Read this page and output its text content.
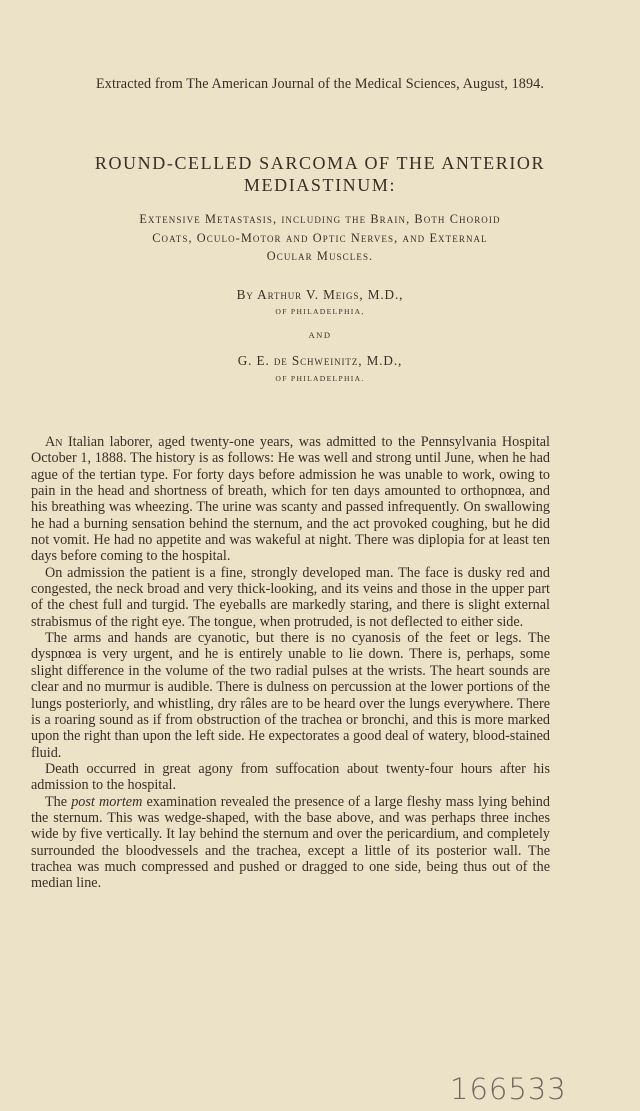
Extracted from The American Journal of the Medical Sciences, August, 1894.
ROUND-CELLED SARCOMA OF THE ANTERIOR
MEDIASTINUM:
Extensive Metastasis, including the Brain, Both Choroid
Coats, Oculo-Motor and Optic Nerves, and External
Ocular Muscles.
By Arthur V. Meigs, M.D.,
OF PHILADELPHIA,
AND
G. E. de Schweinitz, M.D.,
OF PHILADELPHIA.

An Italian laborer, aged twenty-one years, was admitted to the Pennsylvania Hospital October 1, 1888. The history is as follows: He was well and strong until June, when he had ague of the tertian type. For forty days before admission he was unable to work, owing to pain in the head and shortness of breath, which for ten days amounted to orthopnœa, and his breathing was wheezing. The urine was scanty and passed infrequently. On swallowing he had a burning sensation behind the sternum, and the act provoked coughing, but he did not vomit. He had no appetite and was wakeful at night. There was diplopia for at least ten days before coming to the hospital.

On admission the patient is a fine, strongly developed man. The face is dusky red and congested, the neck broad and very thick-looking, and its veins and those in the upper part of the chest full and turgid. The eyeballs are markedly staring, and there is slight external strabismus of the right eye. The tongue, when protruded, is not deflected to either side.

The arms and hands are cyanotic, but there is no cyanosis of the feet or legs. The dyspnœa is very urgent, and he is entirely unable to lie down. There is, perhaps, some slight difference in the volume of the two radial pulses at the wrists. The heart sounds are clear and no murmur is audible. There is dulness on percussion at the lower portions of the lungs posteriorly, and whistling, dry râles are to be heard over the lungs everywhere. There is a roaring sound as if from obstruction of the trachea or bronchi, and this is more marked upon the right than upon the left side. He expectorates a good deal of watery, blood-stained fluid.

Death occurred in great agony from suffocation about twenty-four hours after his admission to the hospital.

The post mortem examination revealed the presence of a large fleshy mass lying behind the sternum. This was wedge-shaped, with the base above, and was perhaps three inches wide by five vertically. It lay behind the sternum and over the pericardium, and completely surrounded the bloodvessels and the trachea, except a little of its posterior wall. The trachea was much compressed and pushed or dragged to one side, being thus out of the median line.

166533
